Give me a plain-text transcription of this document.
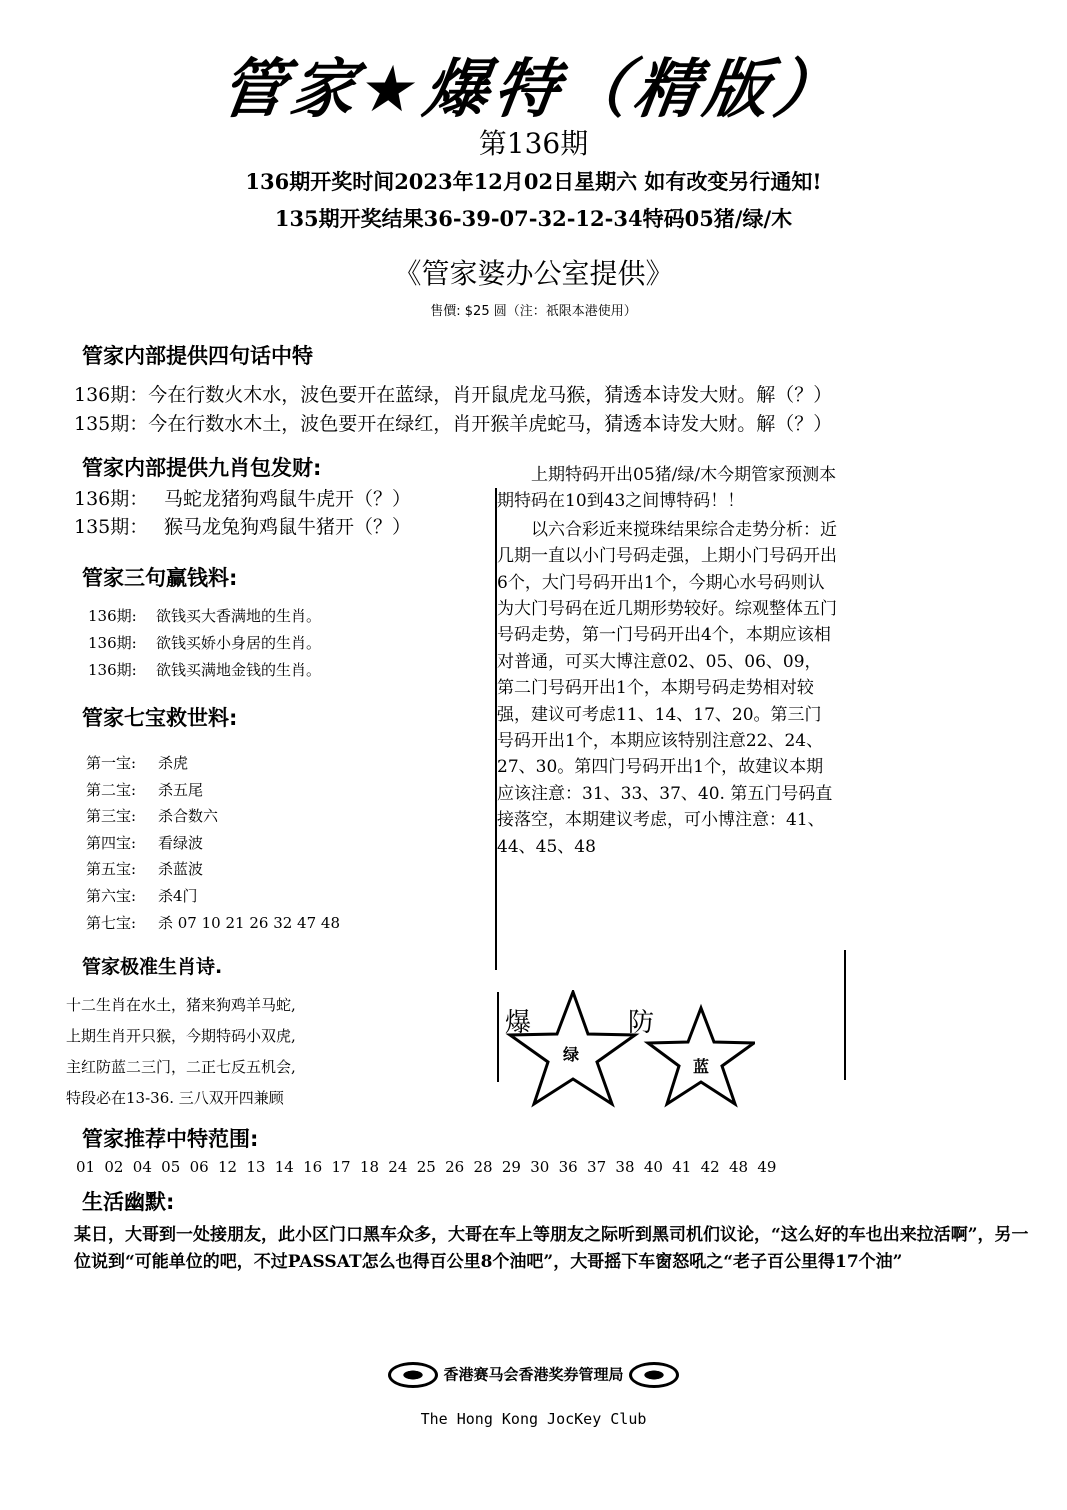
管家★爆特（精版）
第136期
136期开奖时间2023年12月02日星期六 如有改变另行通知!
135期开奖结果36-39-07-32-12-34特码05猪/绿/木
《管家婆办公室提供》
售價: $25 圆（注：祇限本港使用）
管家内部提供四句话中特
136期：今在行数火木水，波色要开在蓝绿，肖开鼠虎龙马猴，猜透本诗发大财。解（？）
135期：今在行数水木土，波色要开在绿红，肖开猴羊虎蛇马，猜透本诗发大财。解（？）
管家内部提供九肖包发财:
136期： 马蛇龙猪狗鸡鼠牛虎开（？）
135期： 猴马龙兔狗鸡鼠牛猪开（？）
管家三句赢钱料:
136期: 欲钱买大香满地的生肖。
136期: 欲钱买娇小身居的生肖。
136期: 欲钱买满地金钱的生肖。
管家七宝救世料:
第一宝: 杀虎
第二宝: 杀五尾
第三宝: 杀合数六
第四宝: 看绿波
第五宝: 杀蓝波
第六宝: 杀4门
第七宝: 杀 07 10 21 26 32 47 48
管家极准生肖诗.
十二生肖在水土，猪来狗鸡羊马蛇,
上期生肖开只猴，今期特码小双虎,
主红防蓝二三门，二正七反五机会,
特段必在13-36. 三八双开四兼顾

上期特码开出05猪/绿/木今期管家预测本期特码在10到43之间博特码！！

以六合彩近来搅珠结果综合走势分析：近几期一直以小门号码走强，上期小门号码开出6个，大门号码开出1个，今期心水号码则认为大门号码在近几期形势较好。综观整体五门号码走势，第一门号码开出4个，本期应该相对普通，可买大博注意02、05、06、09，第二门号码开出1个，本期号码走势相对较强，建议可考虑11、14、17、20。第三门号码开出1个，本期应该特别注意22、24、27、30。第四门号码开出1个，故建议本期应该注意：31、33、37、40. 第五门号码直接落空，本期建议考虑，可小博注意：41、44、45、48

爆	防
绿
蓝
管家推荐中特范围:
01 02 04 05 06 12 13 14 16 17 18 24 25 26 28 29 30 36 37 38 40 41 42 48 49
生活幽默:
某日，大哥到一处接朋友，此小区门口黑车众多，大哥在车上等朋友之际听到黑司机们议论，“这么好的车也出来拉活啊”，另一位说到“可能单位的吧，不过PASSAT怎么也得百公里8个油吧”，大哥摇下车窗怒吼之“老子百公里得17个油”
香港赛马会香港奖券管理局
The Hong Kong JocKey Club
